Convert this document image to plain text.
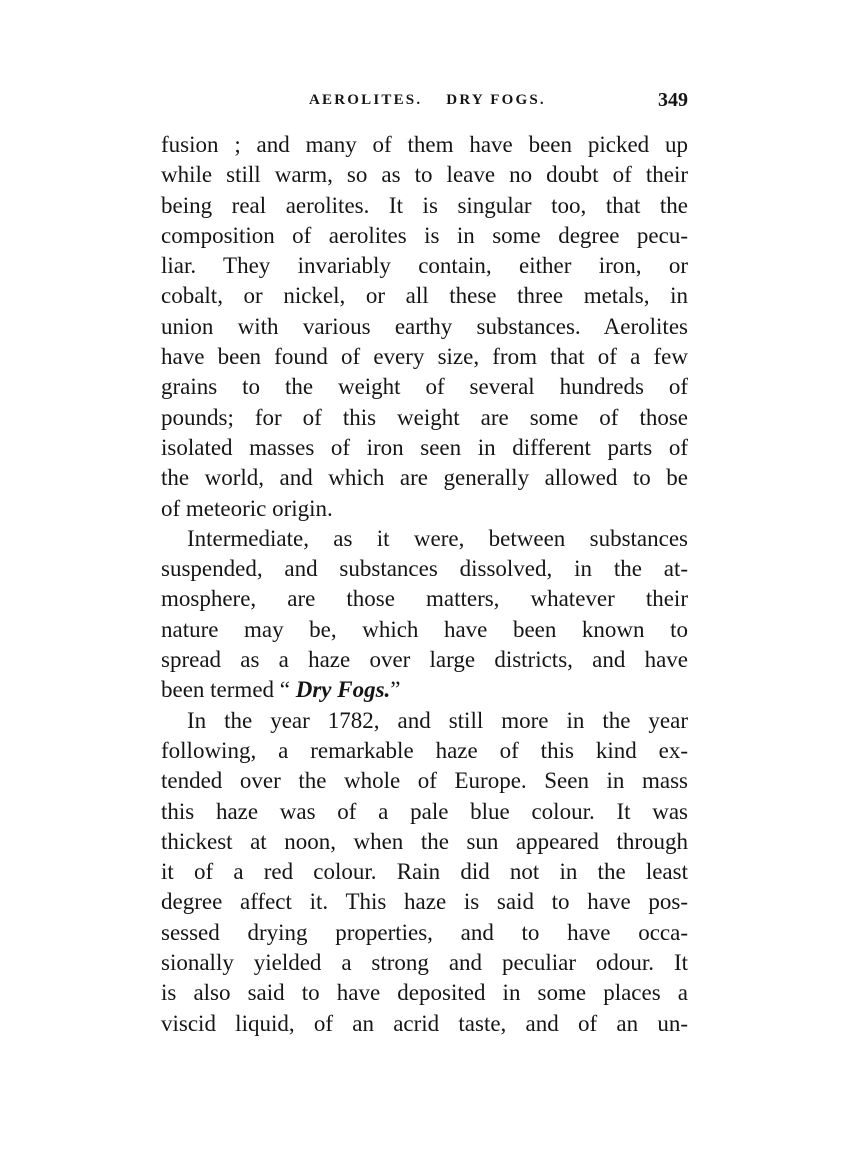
AEROLITES. DRY FOGS.	349
fusion ; and many of them have been picked up
while still warm, so as to leave no doubt of their
being real aerolites. It is singular too, that the
composition of aerolites is in some degree pecu-
liar. They invariably contain, either iron, or
cobalt, or nickel, or all these three metals, in
union with various earthy substances. Aerolites
have been found of every size, from that of a few
grains to the weight of several hundreds of
pounds; for of this weight are some of those
isolated masses of iron seen in different parts of
the world, and which are generally allowed to be
of meteoric origin.
Intermediate, as it were, between substances
suspended, and substances dissolved, in the at-
mosphere, are those matters, whatever their
nature may be, which have been known to
spread as a haze over large districts, and have
been termed “ Dry Fogs.”
In the year 1782, and still more in the year
following, a remarkable haze of this kind ex-
tended over the whole of Europe. Seen in mass
this haze was of a pale blue colour. It was
thickest at noon, when the sun appeared through
it of a red colour. Rain did not in the least
degree affect it. This haze is said to have pos-
sessed drying properties, and to have occa-
sionally yielded a strong and peculiar odour. It
is also said to have deposited in some places a
viscid liquid, of an acrid taste, and of an un-
